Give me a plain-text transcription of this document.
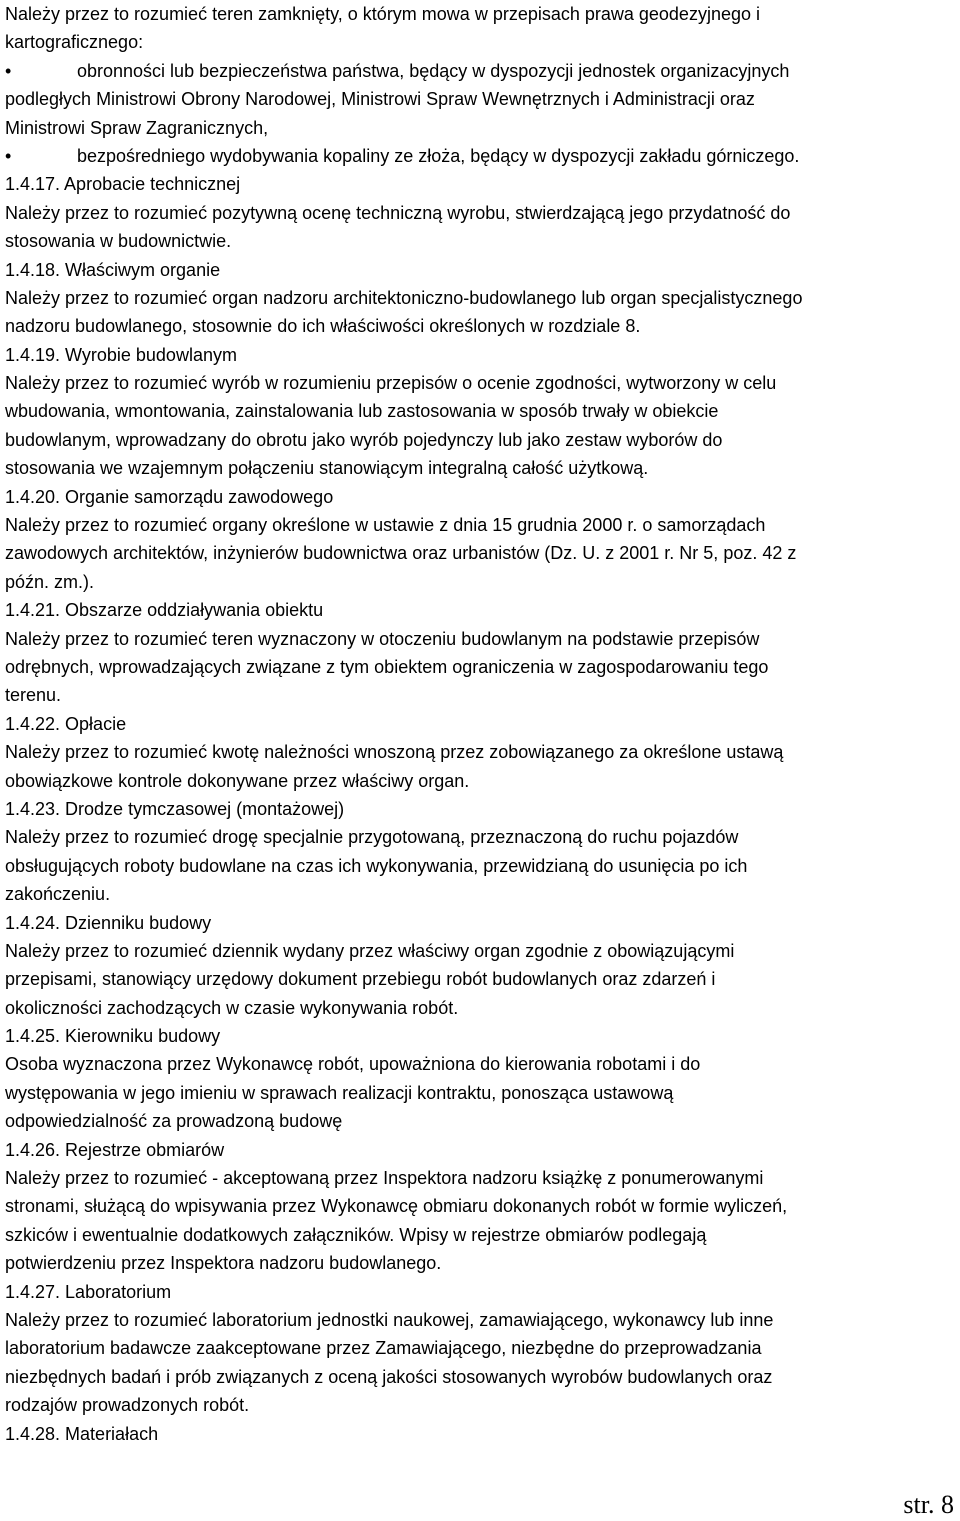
Należy przez to rozumieć teren zamknięty, o którym mowa w przepisach prawa geodezyjnego i
kartograficznego:
•	obronności lub bezpieczeństwa państwa, będący w dyspozycji jednostek organizacyjnych
podległych Ministrowi Obrony Narodowej, Ministrowi Spraw Wewnętrznych i Administracji oraz
Ministrowi Spraw Zagranicznych,
•	bezpośredniego wydobywania kopaliny ze złoża, będący w dyspozycji zakładu górniczego.
1.4.17. Aprobacie technicznej
Należy przez to rozumieć pozytywną ocenę techniczną wyrobu, stwierdzającą jego przydatność do
stosowania w budownictwie.
1.4.18. Właściwym organie
Należy przez to rozumieć organ nadzoru architektoniczno-budowlanego lub organ specjalistycznego
nadzoru budowlanego, stosownie do ich właściwości określonych w rozdziale 8.
1.4.19. Wyrobie budowlanym
Należy przez to rozumieć wyrób w rozumieniu przepisów o ocenie zgodności, wytworzony w celu
wbudowania, wmontowania, zainstalowania lub zastosowania w sposób trwały w obiekcie
budowlanym, wprowadzany do obrotu jako wyrób pojedynczy lub jako zestaw wyborów do
stosowania we wzajemnym połączeniu stanowiącym integralną całość użytkową.
1.4.20. Organie samorządu zawodowego
Należy przez to rozumieć organy określone w ustawie z dnia 15 grudnia 2000 r. o samorządach
zawodowych architektów, inżynierów budownictwa oraz urbanistów (Dz. U. z 2001 r. Nr 5, poz. 42 z
późn. zm.).
1.4.21. Obszarze oddziaływania obiektu
Należy przez to rozumieć teren wyznaczony w otoczeniu budowlanym na podstawie przepisów
odrębnych, wprowadzających związane z tym obiektem ograniczenia w zagospodarowaniu tego
terenu.
1.4.22. Opłacie
Należy przez to rozumieć kwotę należności wnoszoną przez zobowiązanego za określone ustawą
obowiązkowe kontrole dokonywane przez właściwy organ.
1.4.23. Drodze tymczasowej (montażowej)
Należy przez to rozumieć drogę specjalnie przygotowaną, przeznaczoną do ruchu pojazdów
obsługujących roboty budowlane na czas ich wykonywania, przewidzianą do usunięcia po ich
zakończeniu.
1.4.24. Dzienniku budowy
Należy przez to rozumieć dziennik wydany przez właściwy organ zgodnie z obowiązującymi
przepisami, stanowiący urzędowy dokument przebiegu robót budowlanych oraz zdarzeń i
okoliczności zachodzących w czasie wykonywania robót.
1.4.25. Kierowniku budowy
Osoba wyznaczona przez Wykonawcę robót, upoważniona do kierowania robotami i do
występowania w jego imieniu w sprawach realizacji kontraktu, ponosząca ustawową
odpowiedzialność za prowadzoną budowę
1.4.26. Rejestrze obmiarów
Należy przez to rozumieć - akceptowaną przez Inspektora nadzoru książkę z ponumerowanymi
stronami, służącą do wpisywania przez Wykonawcę obmiaru dokonanych robót w formie wyliczeń,
szkiców i ewentualnie dodatkowych załączników. Wpisy w rejestrze obmiarów podlegają
potwierdzeniu przez Inspektora nadzoru budowlanego.
1.4.27. Laboratorium
Należy przez to rozumieć laboratorium jednostki naukowej, zamawiającego, wykonawcy lub inne
laboratorium badawcze zaakceptowane przez Zamawiającego, niezbędne do przeprowadzania
niezbędnych badań i prób związanych z oceną jakości stosowanych wyrobów budowlanych oraz
rodzajów prowadzonych robót.
1.4.28. Materiałach
str. 8
